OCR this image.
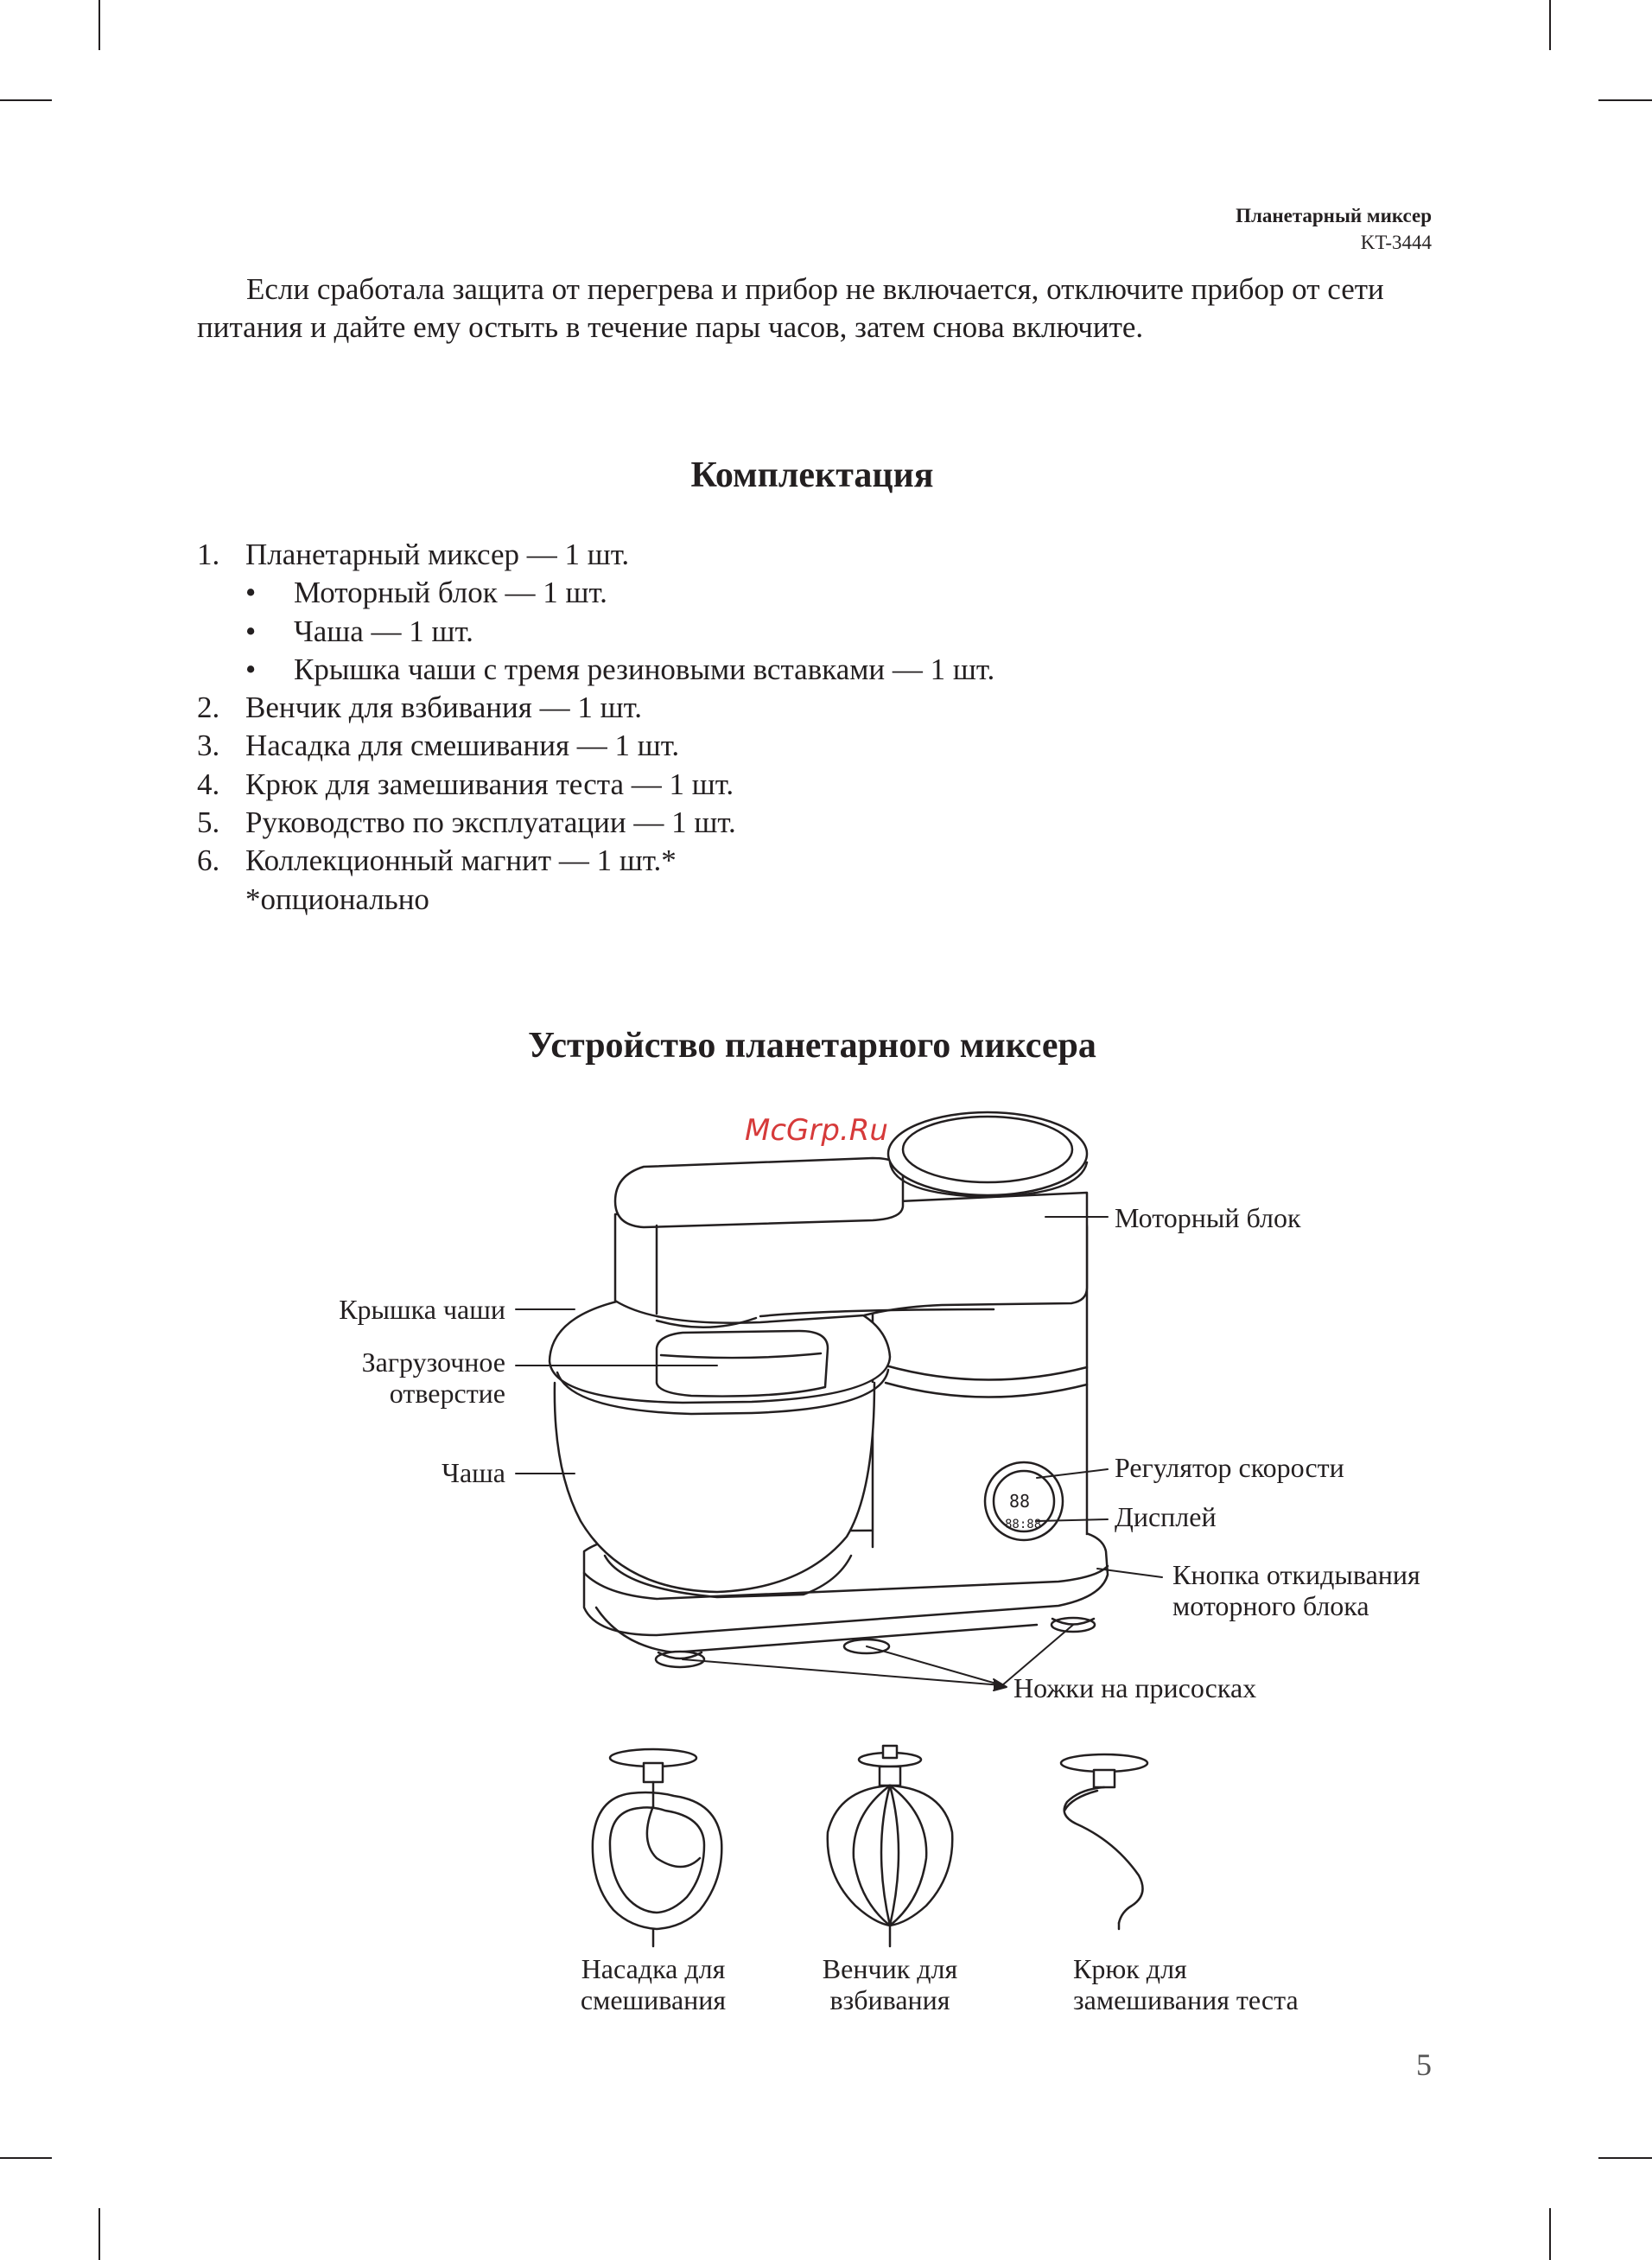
Планетарный миксер
KT-3444

Если сработала защита от перегрева и прибор не включается, отключите прибор от сети питания и дайте ему остыть в течение пары часов, затем снова включите.

Комплектация
1. Планетарный миксер — 1 шт.
• Моторный блок — 1 шт.
• Чаша — 1 шт.
• Крышка чаши с тремя резиновыми вставками — 1 шт.
2. Венчик для взбивания — 1 шт.
3. Насадка для смешивания — 1 шт.
4. Крюк для замешивания теста — 1 шт.
5. Руководство по эксплуатации — 1 шт.
6. Коллекционный магнит — 1 шт.*
*опционально
Устройство планетарного миксера
88
88:88
McGrp.Ru
Моторный блок
Крышка чаши
Загрузочное
отверстие
Чаша	Регулятор скорости
Дисплей
Кнопка откидывания
моторного блока
Ножки на присосках
Насадка для
смешивания
Венчик для
взбивания
Крюк для
замешивания теста
5
